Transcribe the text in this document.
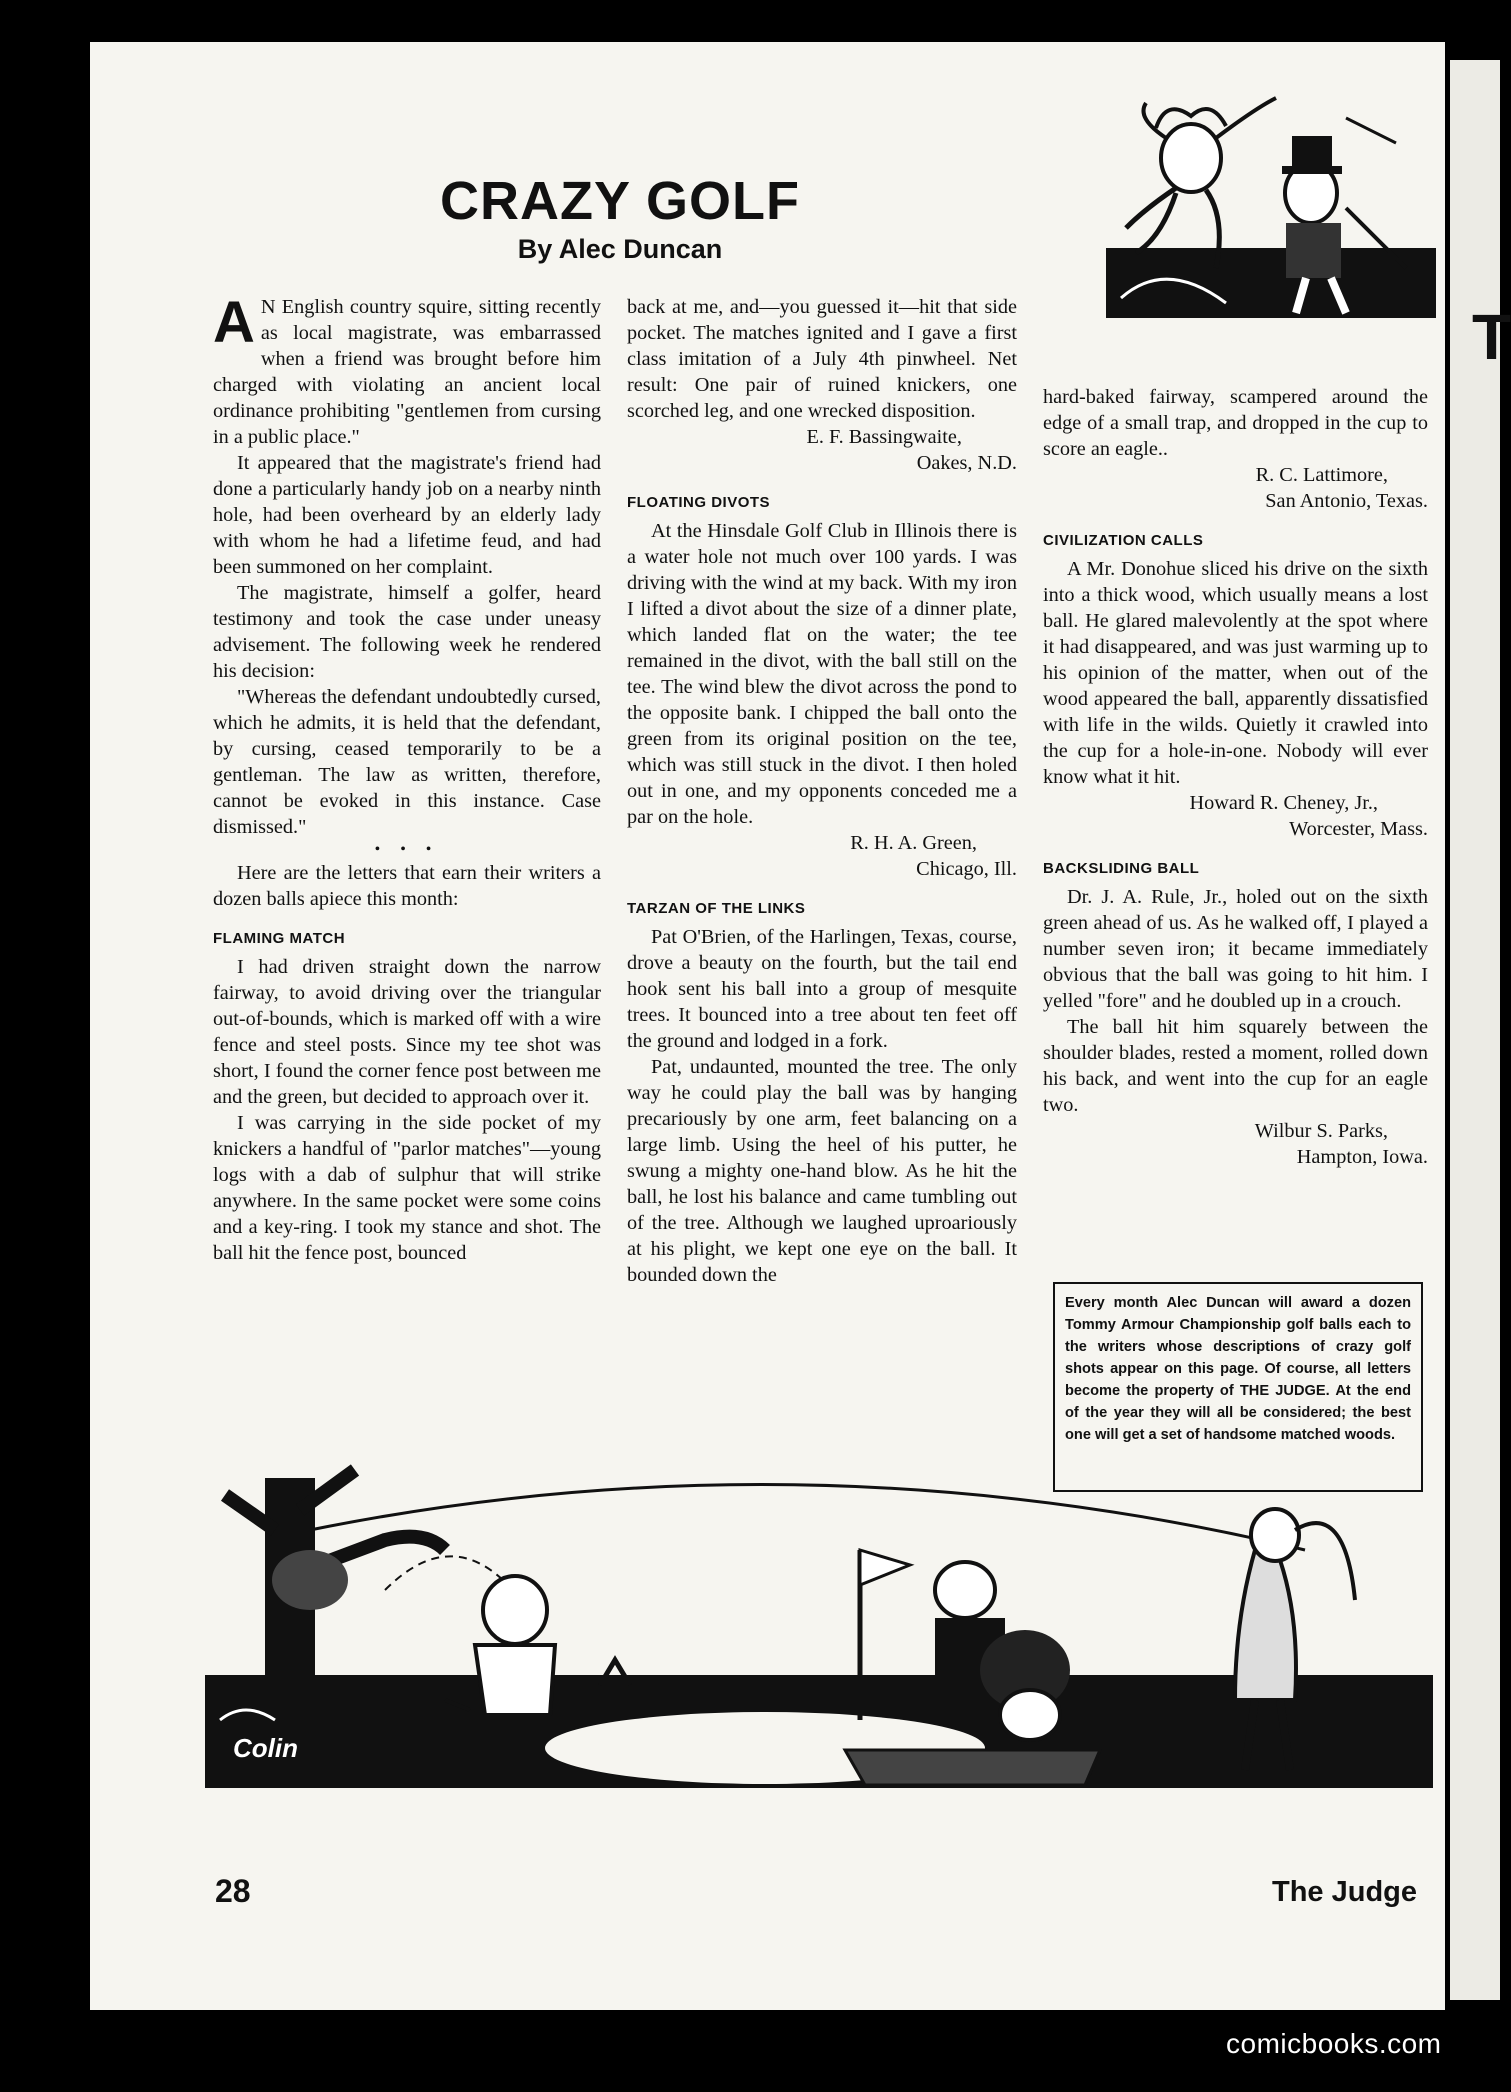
T
CRAZY GOLF
By Alec Duncan

A N English country squire, sitting recently as local magistrate, was embarrassed when a friend was brought before him charged with violating an ancient local ordinance prohibiting "gentlemen from cursing in a public place."

It appeared that the magistrate's friend had done a particularly handy job on a nearby ninth hole, had been overheard by an elderly lady with whom he had a lifetime feud, and had been summoned on her complaint.

The magistrate, himself a golfer, heard testimony and took the case under uneasy advisement. The following week he rendered his decision:

"Whereas the defendant undoubtedly cursed, which he admits, it is held that the defendant, by cursing, ceased temporarily to be a gentleman. The law as written, therefore, cannot be evoked in this instance. Case dismissed."

• • •

Here are the letters that earn their writers a dozen balls apiece this month:

FLAMING MATCH

I had driven straight down the narrow fairway, to avoid driving over the triangular out-of-bounds, which is marked off with a wire fence and steel posts. Since my tee shot was short, I found the corner fence post between me and the green, but decided to approach over it.

I was carrying in the side pocket of my knickers a handful of "parlor matches"—young logs with a dab of sulphur that will strike anywhere. In the same pocket were some coins and a key-ring. I took my stance and shot. The ball hit the fence post, bounced

back at me, and—you guessed it—hit that side pocket. The matches ignited and I gave a first class imitation of a July 4th pinwheel. Net result: One pair of ruined knickers, one scorched leg, and one wrecked disposition.

E. F. Bassingwaite,

Oakes, N.D.

FLOATING DIVOTS

At the Hinsdale Golf Club in Illinois there is a water hole not much over 100 yards. I was driving with the wind at my back. With my iron I lifted a divot about the size of a dinner plate, which landed flat on the water; the tee remained in the divot, with the ball still on the tee. The wind blew the divot across the pond to the opposite bank. I chipped the ball onto the green from its original position on the tee, which was still stuck in the divot. I then holed out in one, and my opponents conceded me a par on the hole.

R. H. A. Green,

Chicago, Ill.

TARZAN OF THE LINKS

Pat O'Brien, of the Harlingen, Texas, course, drove a beauty on the fourth, but the tail end hook sent his ball into a group of mesquite trees. It bounced into a tree about ten feet off the ground and lodged in a fork.

Pat, undaunted, mounted the tree. The only way he could play the ball was by hanging precariously by one arm, feet balancing on a large limb. Using the heel of his putter, he swung a mighty one-hand blow. As he hit the ball, he lost his balance and came tumbling out of the tree. Although we laughed uproariously at his plight, we kept one eye on the ball. It bounded down the

hard-baked fairway, scampered around the edge of a small trap, and dropped in the cup to score an eagle..

R. C. Lattimore,

San Antonio, Texas.

CIVILIZATION CALLS

A Mr. Donohue sliced his drive on the sixth into a thick wood, which usually means a lost ball. He glared malevolently at the spot where it had disappeared, and was just warming up to his opinion of the matter, when out of the wood appeared the ball, apparently dissatisfied with life in the wilds. Quietly it crawled into the cup for a hole-in-one. Nobody will ever know what it hit.

Howard R. Cheney, Jr.,

Worcester, Mass.

BACKSLIDING BALL

Dr. J. A. Rule, Jr., holed out on the sixth green ahead of us. As he walked off, I played a number seven iron; it became immediately obvious that the ball was going to hit him. I yelled "fore" and he doubled up in a crouch.

The ball hit him squarely between the shoulder blades, rested a moment, rolled down his back, and went into the cup for an eagle two.

Wilbur S. Parks,

Hampton, Iowa.

Every month Alec Duncan will award a dozen Tommy Armour Championship golf balls each to the writers whose descriptions of crazy golf shots appear on this page. Of course, all letters become the property of THE JUDGE. At the end of the year they will all be considered; the best one will get a set of handsome matched woods.
Colin
28	The Judge
comicbooks.com
